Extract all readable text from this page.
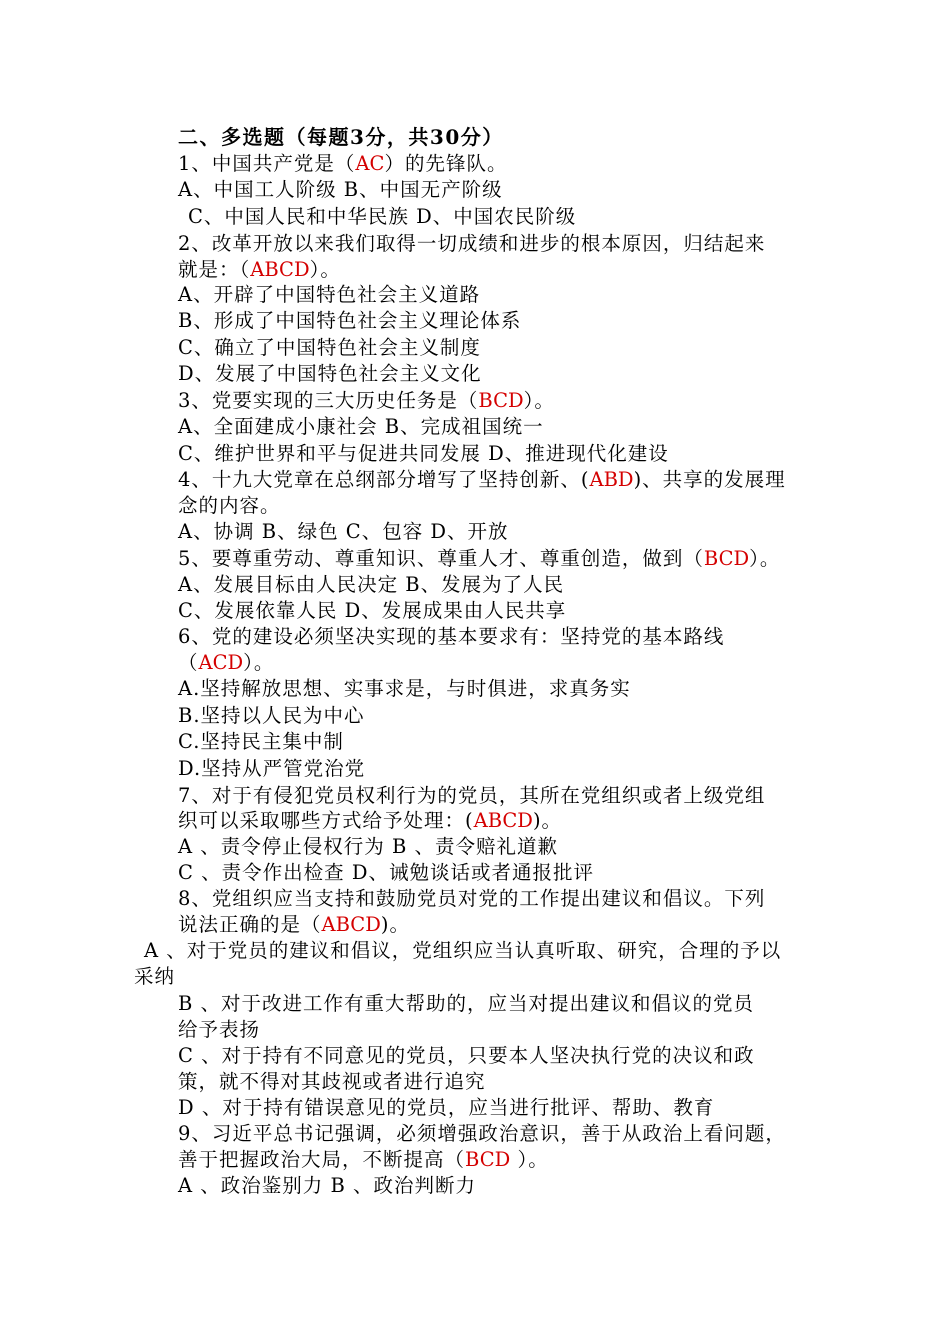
二、多选题（每题3分，共30分）
1、中国共产党是（AC）的先锋队。
A、中国工人阶级 B、中国无产阶级
C、中国人民和中华民族 D、中国农民阶级
2、改革开放以来我们取得一切成绩和进步的根本原因，归结起来
就是：（ABCD）。
A、开辟了中国特色社会主义道路
B、形成了中国特色社会主义理论体系
C、确立了中国特色社会主义制度
D、发展了中国特色社会主义文化
3、党要实现的三大历史任务是（BCD）。
A、全面建成小康社会 B、完成祖国统一
C、维护世界和平与促进共同发展 D、推进现代化建设
4、十九大党章在总纲部分增写了坚持创新、(ABD)、共享的发展理
念的内容。
A、协调 B、绿色 C、包容 D、开放
5、要尊重劳动、尊重知识、尊重人才、尊重创造，做到（BCD）。
A、发展目标由人民决定 B、发展为了人民
C、发展依靠人民 D、发展成果由人民共享
6、党的建设必须坚决实现的基本要求有：坚持党的基本路线
（ACD）。
A.坚持解放思想、实事求是，与时俱进，求真务实
B.坚持以人民为中心
C.坚持民主集中制
D.坚持从严管党治党
7、对于有侵犯党员权利行为的党员，其所在党组织或者上级党组
织可以采取哪些方式给予处理：(ABCD)。
A 、责令停止侵权行为 B 、责令赔礼道歉
C 、责令作出检查 D、诫勉谈话或者通报批评
8、党组织应当支持和鼓励党员对党的工作提出建议和倡议。下列
说法正确的是（ABCD)。
A 、对于党员的建议和倡议，党组织应当认真听取、研究，合理的予以
采纳
B 、对于改进工作有重大帮助的，应当对提出建议和倡议的党员
给予表扬
C 、对于持有不同意见的党员，只要本人坚决执行党的决议和政
策，就不得对其歧视或者进行追究
D 、对于持有错误意见的党员，应当进行批评、帮助、教育
9、习近平总书记强调，必须增强政治意识，善于从政治上看问题，
善于把握政治大局，不断提高（BCD ）。
A 、政治鉴别力 B 、政治判断力
